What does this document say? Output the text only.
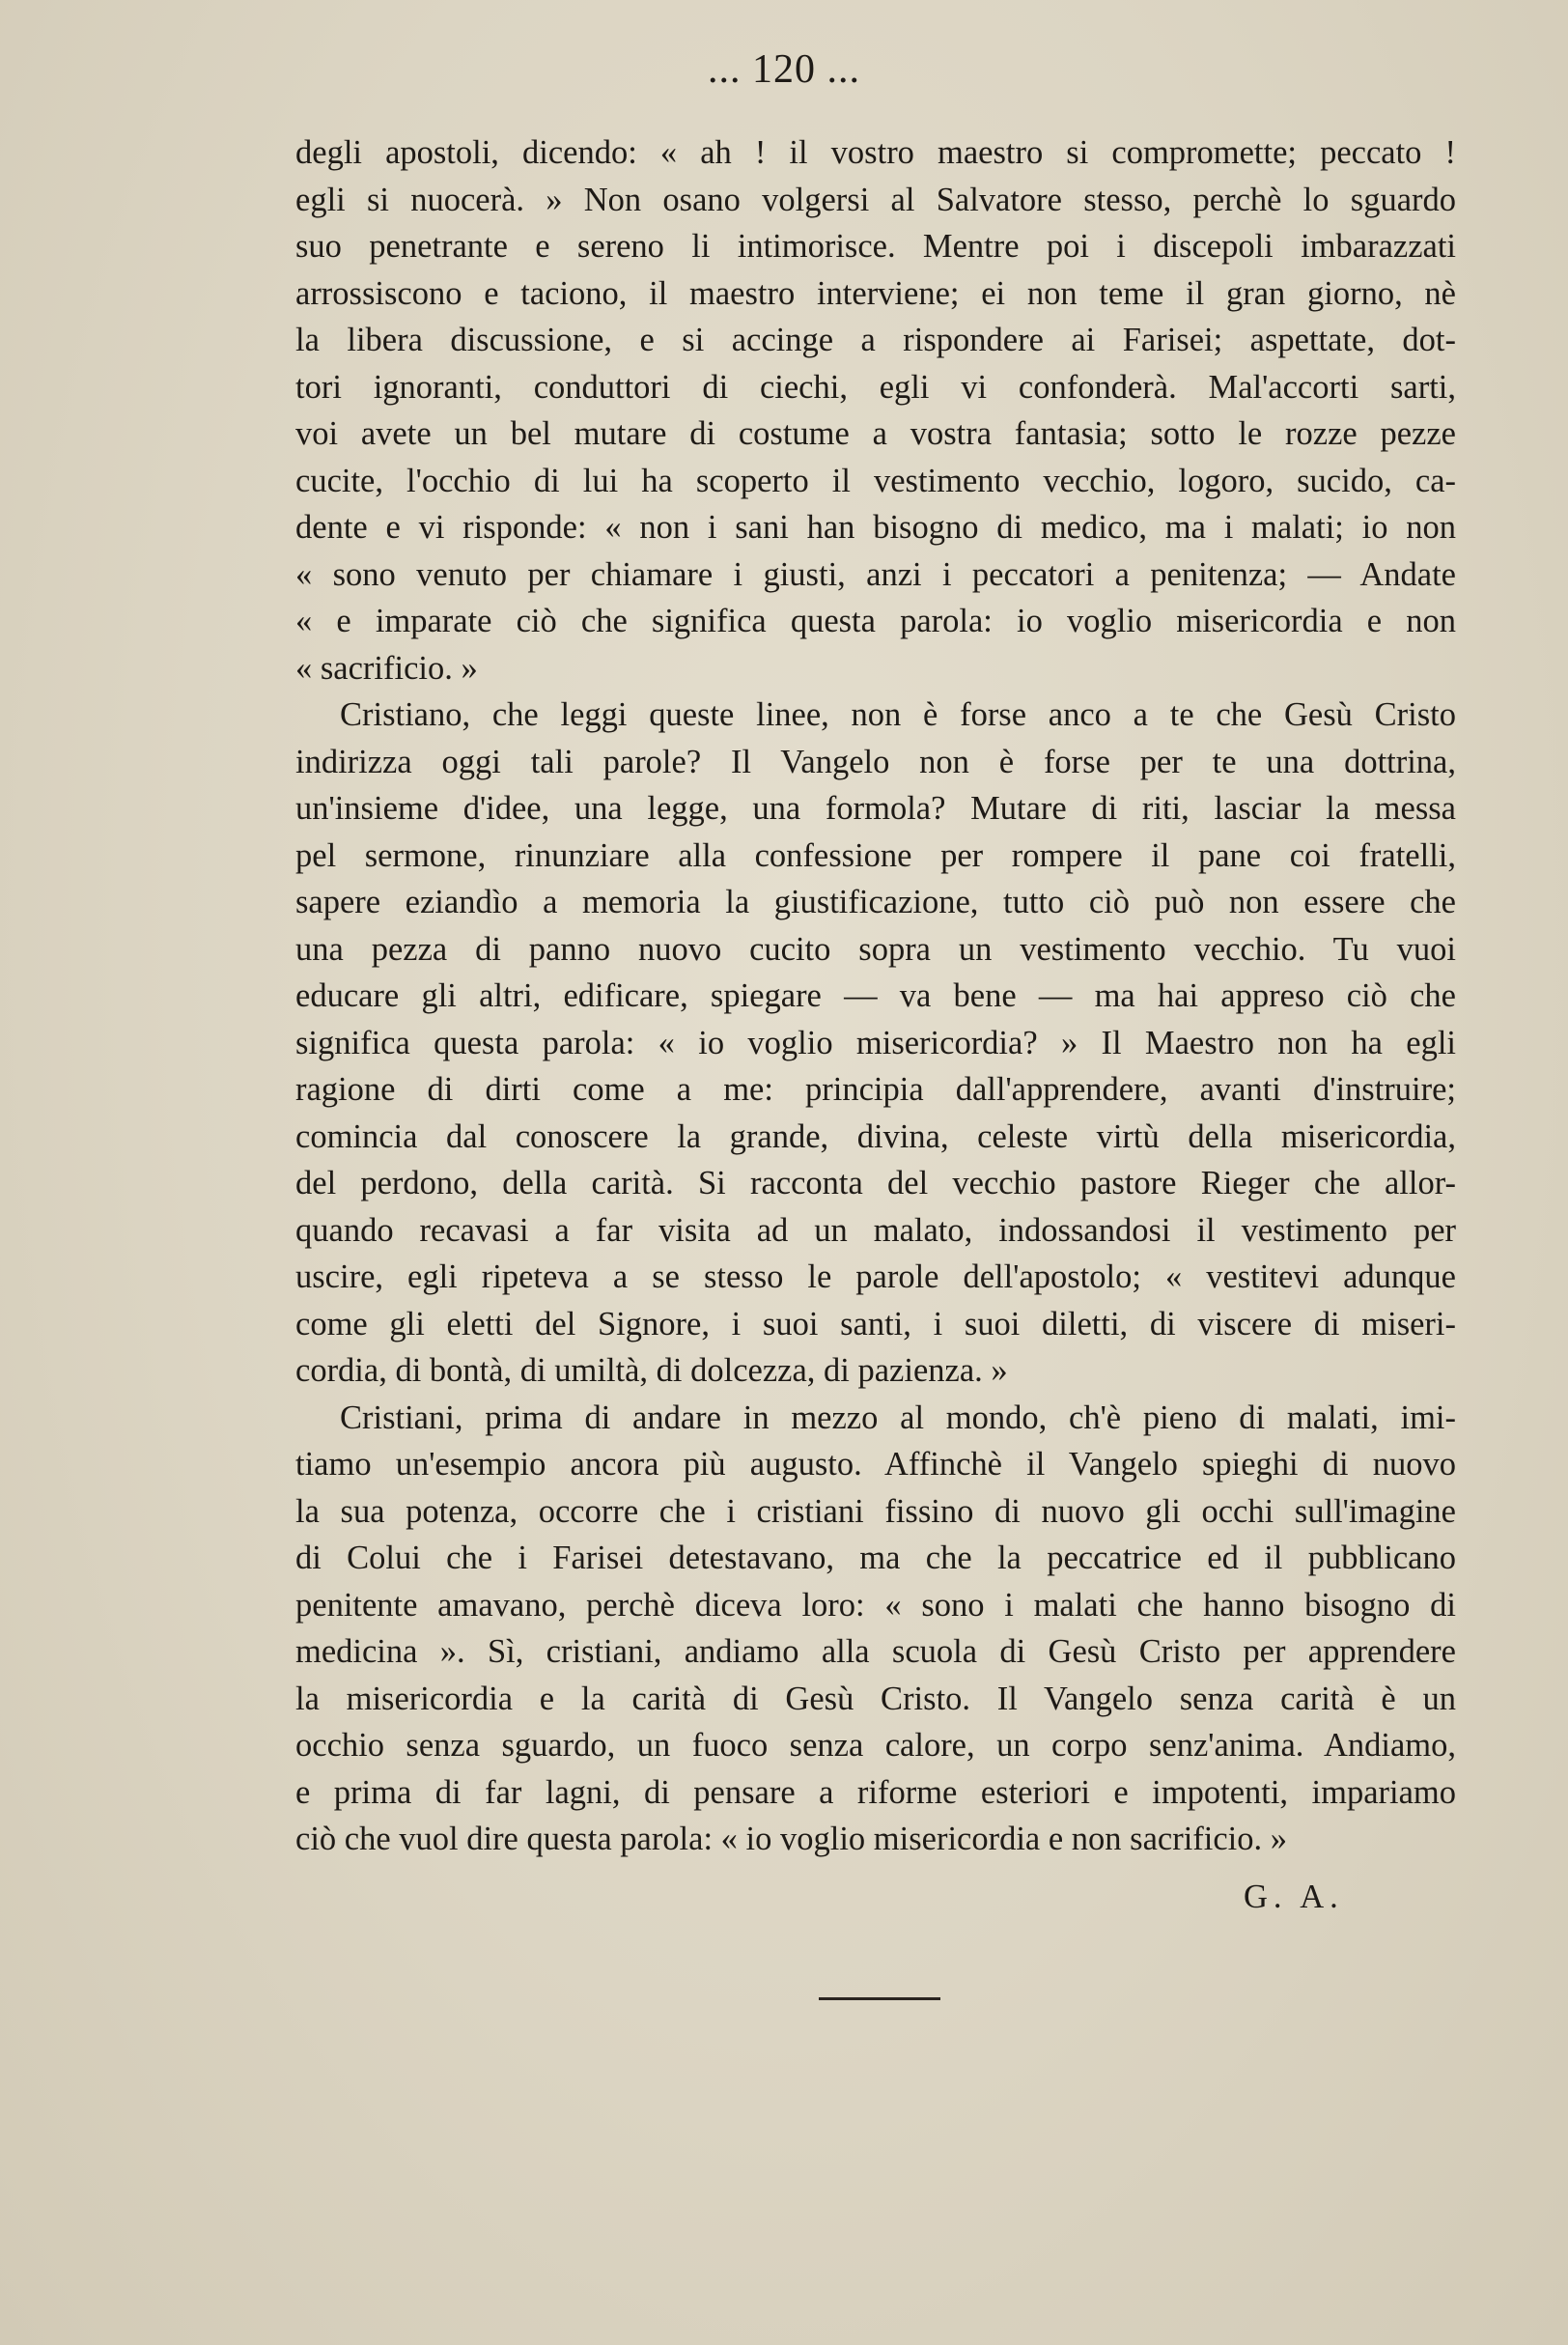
... 120 ...
degli apostoli, dicendo: « ah ! il vostro maestro si compromette; peccato !
egli si nuocerà. » Non osano volgersi al Salvatore stesso, perchè lo sguardo
suo penetrante e sereno li intimorisce. Mentre poi i discepoli imbarazzati
arrossiscono e taciono, il maestro interviene; ei non teme il gran giorno, nè
la libera discussione, e si accinge a rispondere ai Farisei; aspettate, dot-
tori ignoranti, conduttori di ciechi, egli vi confonderà. Mal'accorti sarti,
voi avete un bel mutare di costume a vostra fantasia; sotto le rozze pezze
cucite, l'occhio di lui ha scoperto il vestimento vecchio, logoro, sucido, ca-
dente e vi risponde: « non i sani han bisogno di medico, ma i malati; io non
« sono venuto per chiamare i giusti, anzi i peccatori a penitenza; — Andate
« e imparate ciò che significa questa parola: io voglio misericordia e non
« sacrificio. »
Cristiano, che leggi queste linee, non è forse anco a te che Gesù Cristo
indirizza oggi tali parole? Il Vangelo non è forse per te una dottrina,
un'insieme d'idee, una legge, una formola? Mutare di riti, lasciar la messa
pel sermone, rinunziare alla confessione per rompere il pane coi fratelli,
sapere eziandìo a memoria la giustificazione, tutto ciò può non essere che
una pezza di panno nuovo cucito sopra un vestimento vecchio. Tu vuoi
educare gli altri, edificare, spiegare — va bene — ma hai appreso ciò che
significa questa parola: « io voglio misericordia? » Il Maestro non ha egli
ragione di dirti come a me: principia dall'apprendere, avanti d'instruire;
comincia dal conoscere la grande, divina, celeste virtù della misericordia,
del perdono, della carità. Si racconta del vecchio pastore Rieger che allor-
quando recavasi a far visita ad un malato, indossandosi il vestimento per
uscire, egli ripeteva a se stesso le parole dell'apostolo; « vestitevi adunque
come gli eletti del Signore, i suoi santi, i suoi diletti, di viscere di miseri-
cordia, di bontà, di umiltà, di dolcezza, di pazienza. »
Cristiani, prima di andare in mezzo al mondo, ch'è pieno di malati, imi-
tiamo un'esempio ancora più augusto. Affinchè il Vangelo spieghi di nuovo
la sua potenza, occorre che i cristiani fissino di nuovo gli occhi sull'imagine
di Colui che i Farisei detestavano, ma che la peccatrice ed il pubblicano
penitente amavano, perchè diceva loro: « sono i malati che hanno bisogno di
medicina ». Sì, cristiani, andiamo alla scuola di Gesù Cristo per apprendere
la misericordia e la carità di Gesù Cristo. Il Vangelo senza carità è un
occhio senza sguardo, un fuoco senza calore, un corpo senz'anima. Andiamo,
e prima di far lagni, di pensare a riforme esteriori e impotenti, impariamo
ciò che vuol dire questa parola: « io voglio misericordia e non sacrificio. »
G. A.
